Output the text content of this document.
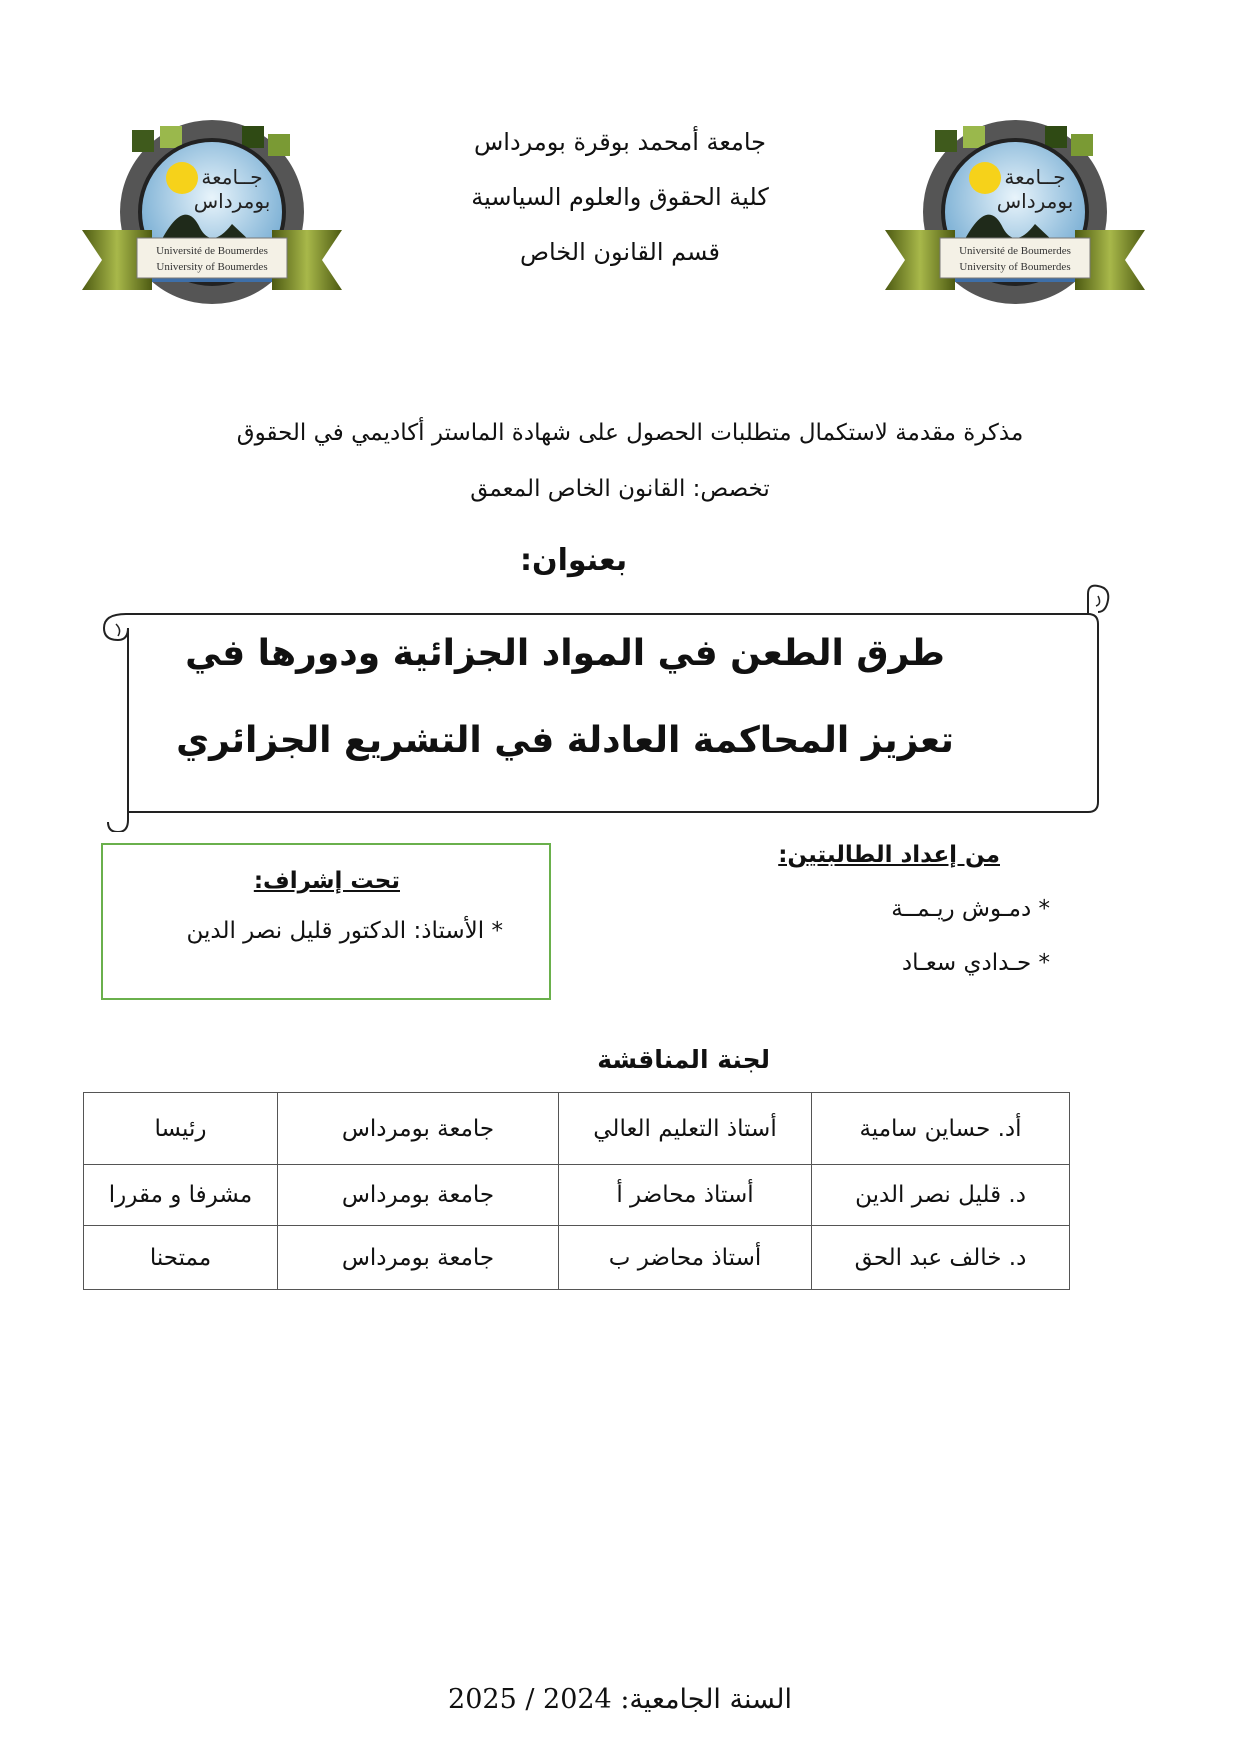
Université de Boumerdes
University of Boumerdes
جــامعة
بومرداس
Université de Boumerdes
University of Boumerdes
جــامعة
بومرداس
جامعة أمحمد بوقرة بومرداس
كلية الحقوق والعلوم السياسية
قسم القانون الخاص
مذكرة مقدمة لاستكمال متطلبات الحصول على شهادة الماستر أكاديمي في الحقوق
تخصص: القانون الخاص المعمق
بعنوان:
طرق الطعن في المواد الجزائية ودورها في
تعزيز المحاكمة العادلة في التشريع الجزائري
من إعداد الطالبتين:
* دمـوش ريـمــة
* حـدادي سعـاد
تحت إشراف:
* الأستاذ: الدكتور قليل نصر الدين
لجنة المناقشة
أد. حساين سامية	أستاذ التعليم العالي	جامعة بومرداس	رئيسا
د. قليل نصر الدين	أستاذ محاضر أ	جامعة بومرداس	مشرفا و مقررا
د. خالف عبد الحق	أستاذ محاضر ب	جامعة بومرداس	ممتحنا
السنة الجامعية: 2025 / 2024
